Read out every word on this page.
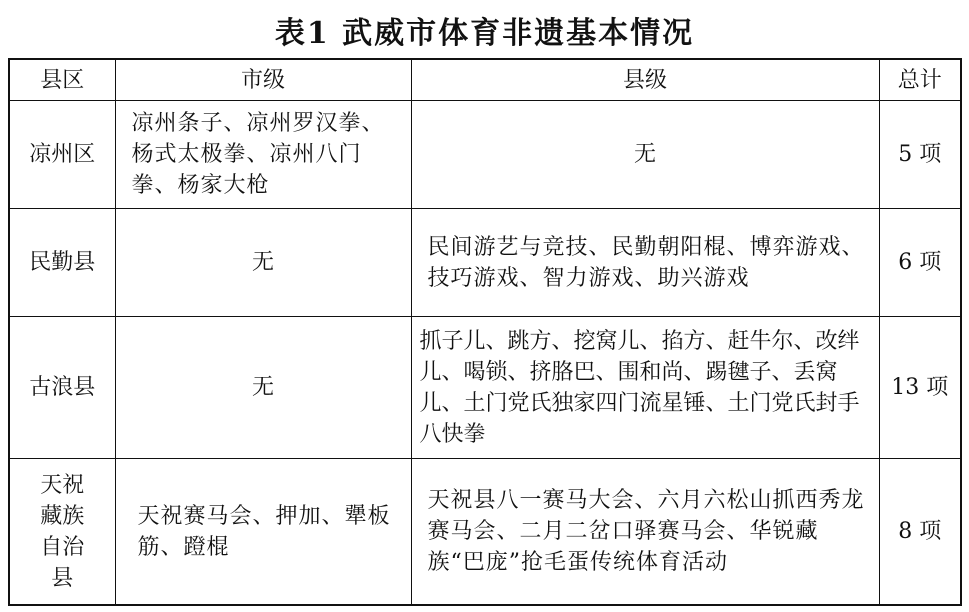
表1 武威市体育非遗基本情况
县区	市级	县级	总计
凉州区	凉州条子、凉州罗汉拳、杨式太极拳、凉州八门拳、杨家大枪	无	5 项
民勤县	无	民间游艺与竞技、民勤朝阳棍、博弈游戏、技巧游戏、智力游戏、助兴游戏	6 项
古浪县	无	抓子儿、跳方、挖窝儿、掐方、赶牛尔、改绊儿、喝锁、挤胳巴、围和尚、踢毽子、丢窝儿、土门党氏独家四门流星锤、土门党氏封手八快拳	13 项
天祝藏族自治县	天祝赛马会、押加、犟板筋、蹬棍	天祝县八一赛马大会、六月六松山抓西秀龙赛马会、二月二岔口驿赛马会、华锐藏族“巴庞”抢毛蛋传统体育活动	8 项
